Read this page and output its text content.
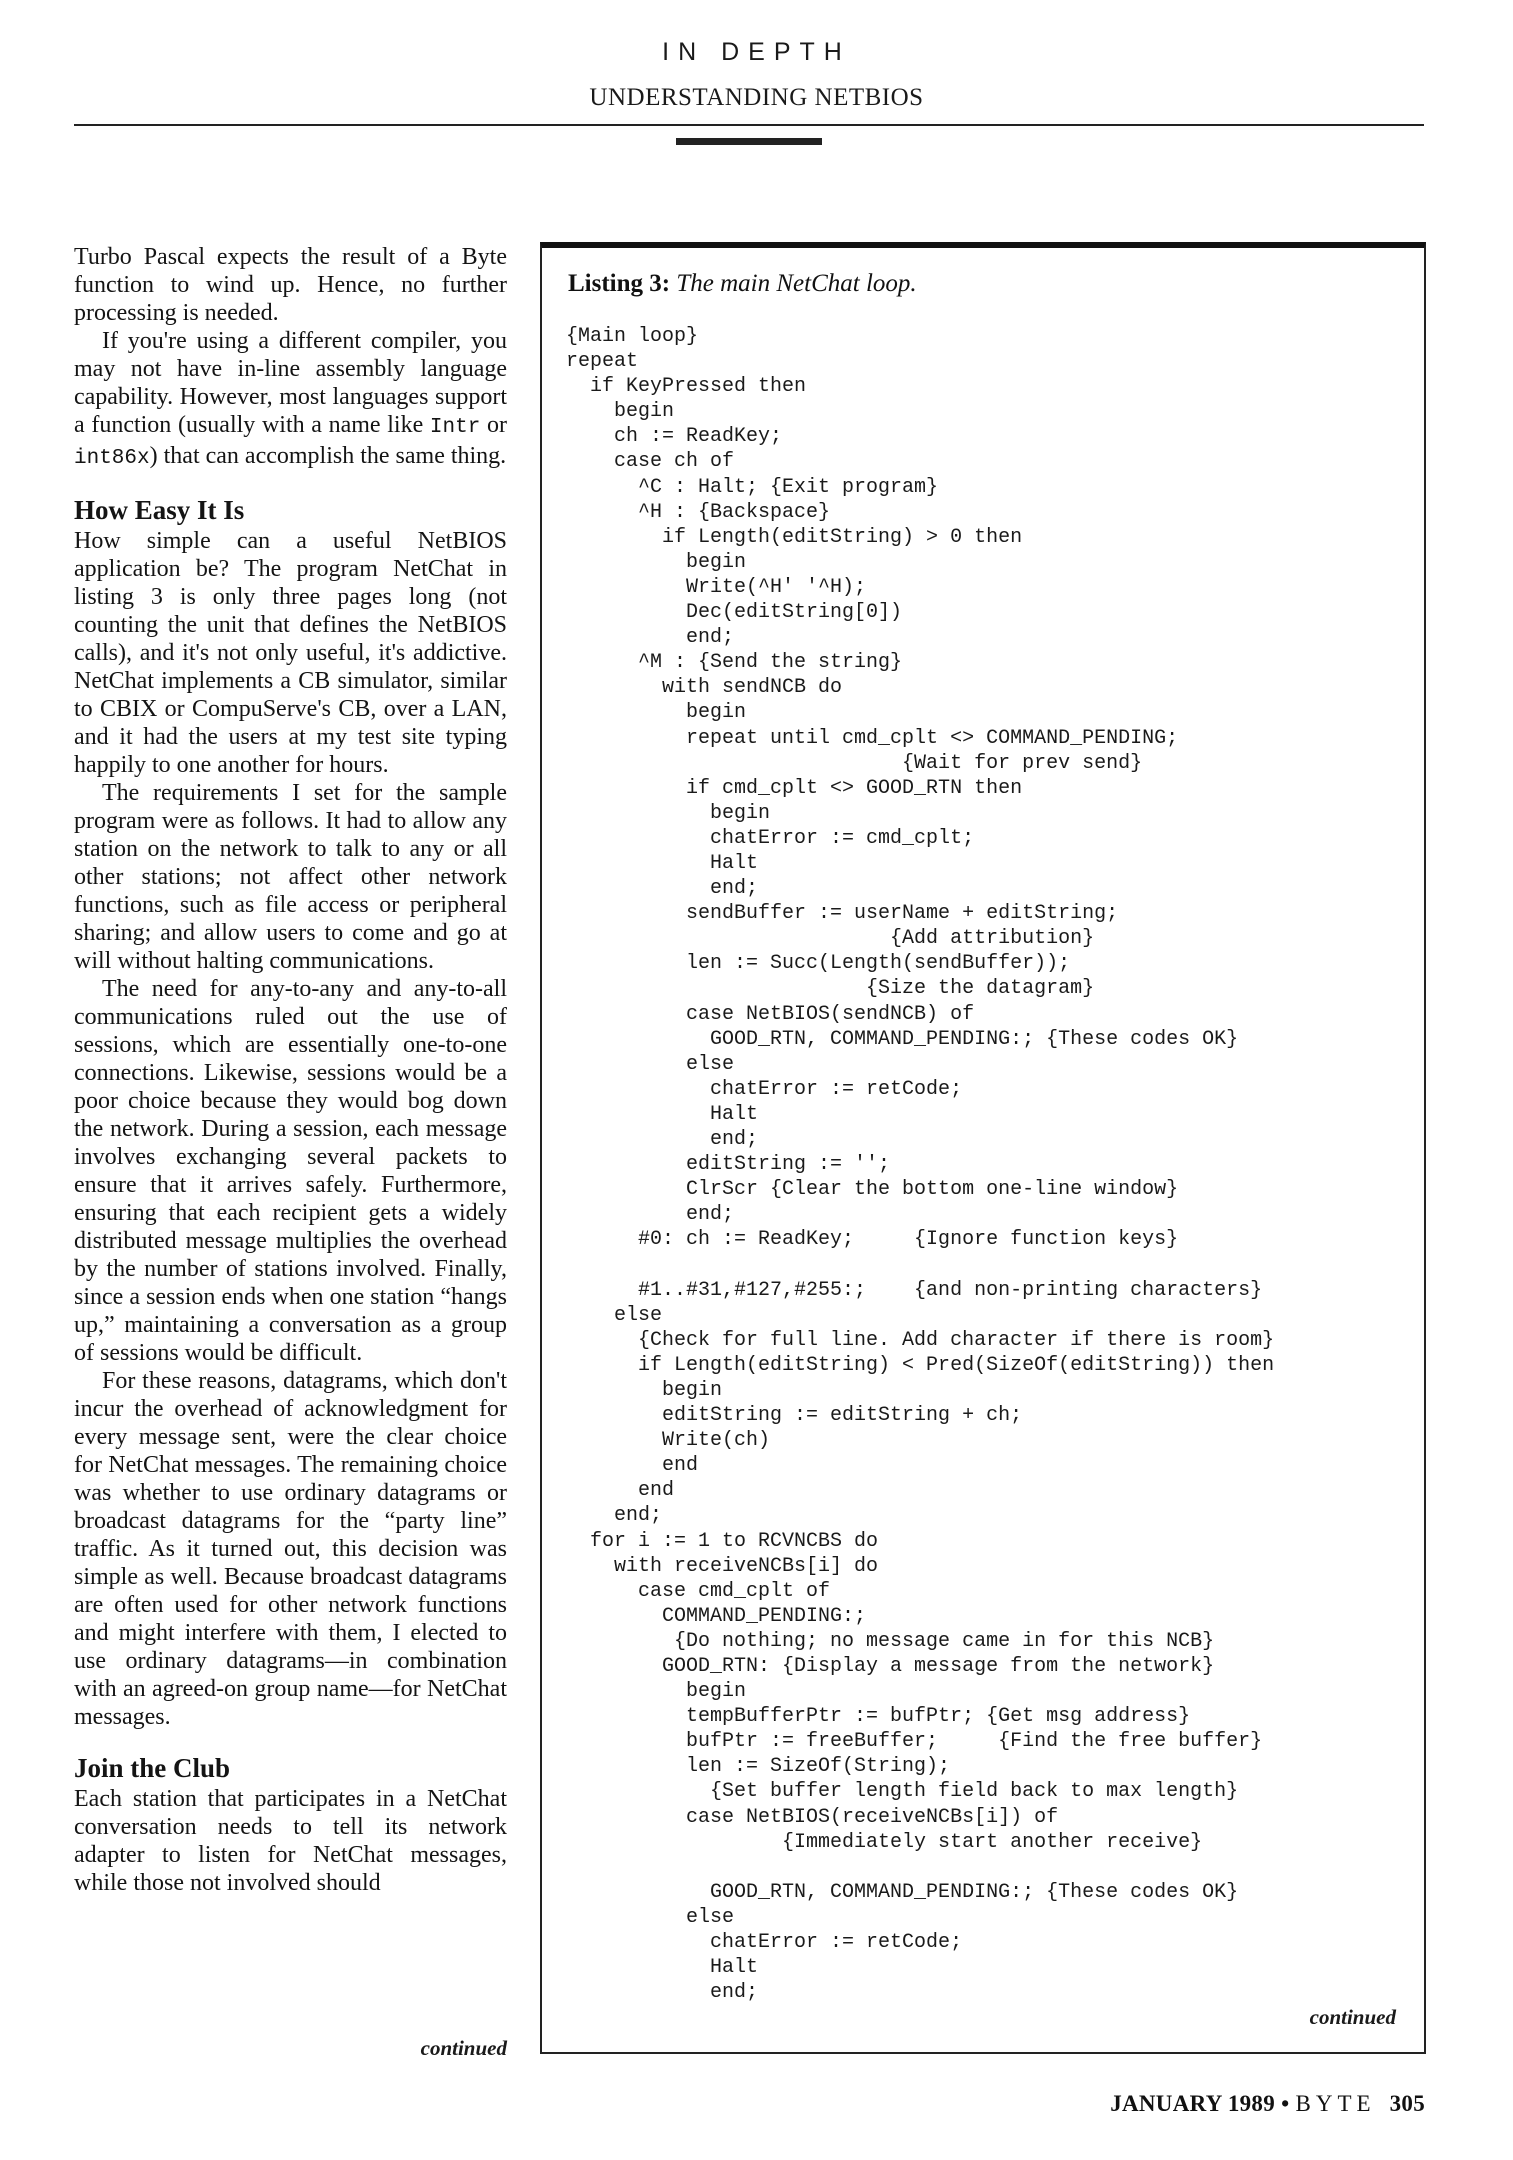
IN DEPTH
UNDERSTANDING NETBIOS

Turbo Pascal expects the result of a Byte function to wind up. Hence, no further processing is needed.

If you're using a different compiler, you may not have in-line assembly language capability. However, most languages support a function (usually with a name like Intr or int86x) that can accomplish the same thing.

How Easy It Is

How simple can a useful NetBIOS application be? The program NetChat in listing 3 is only three pages long (not counting the unit that defines the NetBIOS calls), and it's not only useful, it's addictive. NetChat implements a CB simulator, similar to CBIX or CompuServe's CB, over a LAN, and it had the users at my test site typing happily to one another for hours.

The requirements I set for the sample program were as follows. It had to allow any station on the network to talk to any or all other stations; not affect other network functions, such as file access or peripheral sharing; and allow users to come and go at will without halting communications.

The need for any-to-any and any-to-all communications ruled out the use of sessions, which are essentially one-to-one connections. Likewise, sessions would be a poor choice because they would bog down the network. During a session, each message involves exchanging several packets to ensure that it arrives safely. Furthermore, ensuring that each recipient gets a widely distributed message multiplies the overhead by the number of stations involved. Finally, since a session ends when one station “hangs up,” maintaining a conversation as a group of sessions would be difficult.

For these reasons, datagrams, which don't incur the overhead of acknowledgment for every message sent, were the clear choice for NetChat messages. The remaining choice was whether to use ordinary datagrams or broadcast datagrams for the “party line” traffic. As it turned out, this decision was simple as well. Because broadcast datagrams are often used for other network functions and might interfere with them, I elected to use ordinary datagrams—in combination with an agreed-on group name—for NetChat messages.

Join the Club

Each station that participates in a NetChat conversation needs to tell its network adapter to listen for NetChat messages, while those not involved should

continued
Listing 3: The main NetChat loop.
{Main loop}
repeat
if KeyPressed then
begin
ch := ReadKey;
case ch of
^C : Halt; {Exit program}
^H : {Backspace}
if Length(editString) > 0 then
begin
Write(^H' '^H);
Dec(editString[0])
end;
^M : {Send the string}
with sendNCB do
begin
repeat until cmd_cplt <> COMMAND_PENDING;
{Wait for prev send}
if cmd_cplt <> GOOD_RTN then
begin
chatError := cmd_cplt;
Halt
end;
sendBuffer := userName + editString;
{Add attribution}
len := Succ(Length(sendBuffer));
{Size the datagram}
case NetBIOS(sendNCB) of
GOOD_RTN, COMMAND_PENDING:; {These codes OK}
else
chatError := retCode;
Halt
end;
editString := '';
ClrScr {Clear the bottom one-line window}
end;
#0: ch := ReadKey;     {Ignore function keys}

#1..#31,#127,#255:;    {and non-printing characters}
else
{Check for full line. Add character if there is room}
if Length(editString) < Pred(SizeOf(editString)) then
begin
editString := editString + ch;
Write(ch)
end
end
end;
for i := 1 to RCVNCBS do
with receiveNCBs[i] do
case cmd_cplt of
COMMAND_PENDING:;
{Do nothing; no message came in for this NCB}
GOOD_RTN: {Display a message from the network}
begin
tempBufferPtr := bufPtr; {Get msg address}
bufPtr := freeBuffer;     {Find the free buffer}
len := SizeOf(String);
{Set buffer length field back to max length}
case NetBIOS(receiveNCBs[i]) of
{Immediately start another receive}

GOOD_RTN, COMMAND_PENDING:; {These codes OK}
else
chatError := retCode;
Halt
end;
continued
JANUARY 1989 • BYTE 305
